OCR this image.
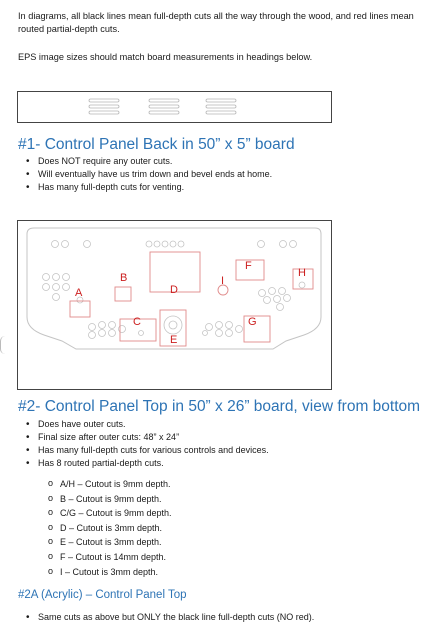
In diagrams, all black lines mean full-depth cuts all the way through the wood, and red lines mean routed partial-depth cuts.
EPS image sizes should match board measurements in headings below.
#1- Control Panel Back in 50” x 5” board
• Does NOT require any outer cuts.
• Will eventually have us trim down and bevel ends at home.
• Has many full-depth cuts for venting.
A
B
C
D
E
F
G
H
I
#2- Control Panel Top in 50” x 26” board, view from bottom
• Does have outer cuts.
• Final size after outer cuts: 48” x 24”
• Has many full-depth cuts for various controls and devices.
• Has 8 routed partial-depth cuts.
o A/H – Cutout is 9mm depth.
o B – Cutout is 9mm depth.
o C/G – Cutout is 9mm depth.
o D – Cutout is 3mm depth.
o E – Cutout is 3mm depth.
o F – Cutout is 14mm depth.
o I – Cutout is 3mm depth.
#2A (Acrylic) – Control Panel Top
• Same cuts as above but ONLY the black line full-depth cuts (NO red).
